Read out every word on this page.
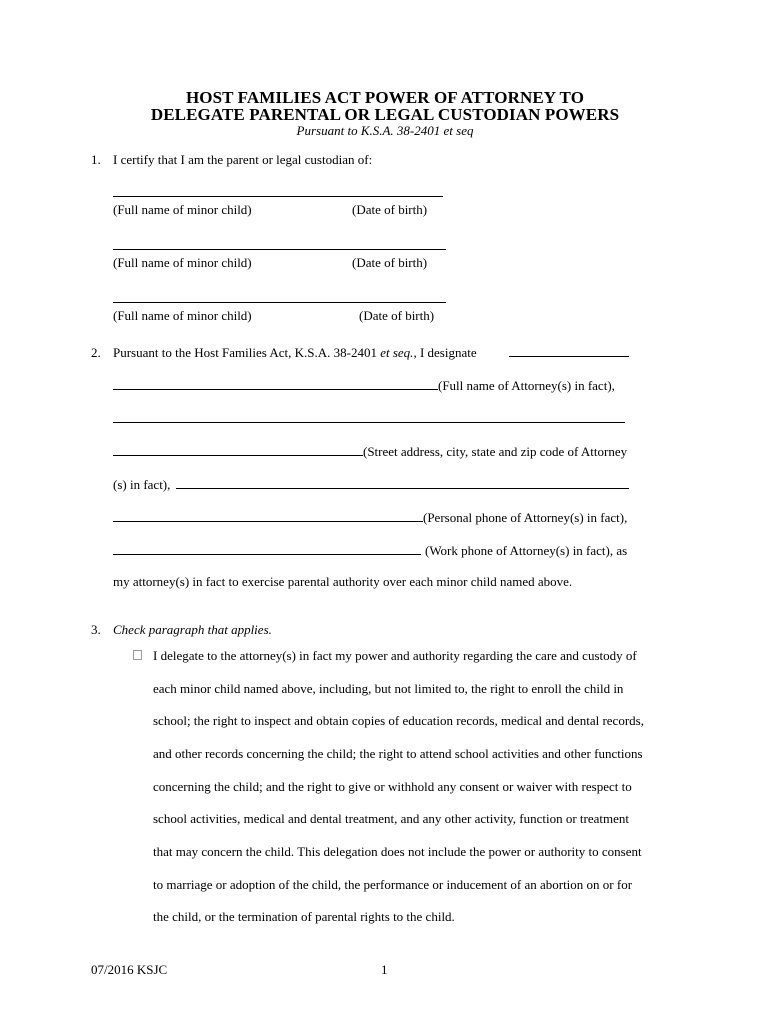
HOST FAMILIES ACT POWER OF ATTORNEY TO
DELEGATE PARENTAL OR LEGAL CUSTODIAN POWERS
Pursuant to K.S.A. 38-2401 et seq
1. I certify that I am the parent or legal custodian of:
(Full name of minor child)	(Date of birth)
(Full name of minor child)	(Date of birth)
(Full name of minor child)	(Date of birth)
2. Pursuant to the Host Families Act, K.S.A. 38-2401 et seq., I designate
(Full name of Attorney(s) in fact),
(Street address, city, state and zip code of Attorney
(s) in fact),
(Personal phone of Attorney(s) in fact),
(Work phone of Attorney(s) in fact), as
my attorney(s) in fact to exercise parental authority over each minor child named above.
3. Check paragraph that applies.
I delegate to the attorney(s) in fact my power and authority regarding the care and custody of
each minor child named above, including, but not limited to, the right to enroll the child in
school; the right to inspect and obtain copies of education records, medical and dental records,
and other records concerning the child; the right to attend school activities and other functions
concerning the child; and the right to give or withhold any consent or waiver with respect to
school activities, medical and dental treatment, and any other activity, function or treatment
that may concern the child. This delegation does not include the power or authority to consent
to marriage or adoption of the child, the performance or inducement of an abortion on or for
the child, or the termination of parental rights to the child.
07/2016 KSJC	1
